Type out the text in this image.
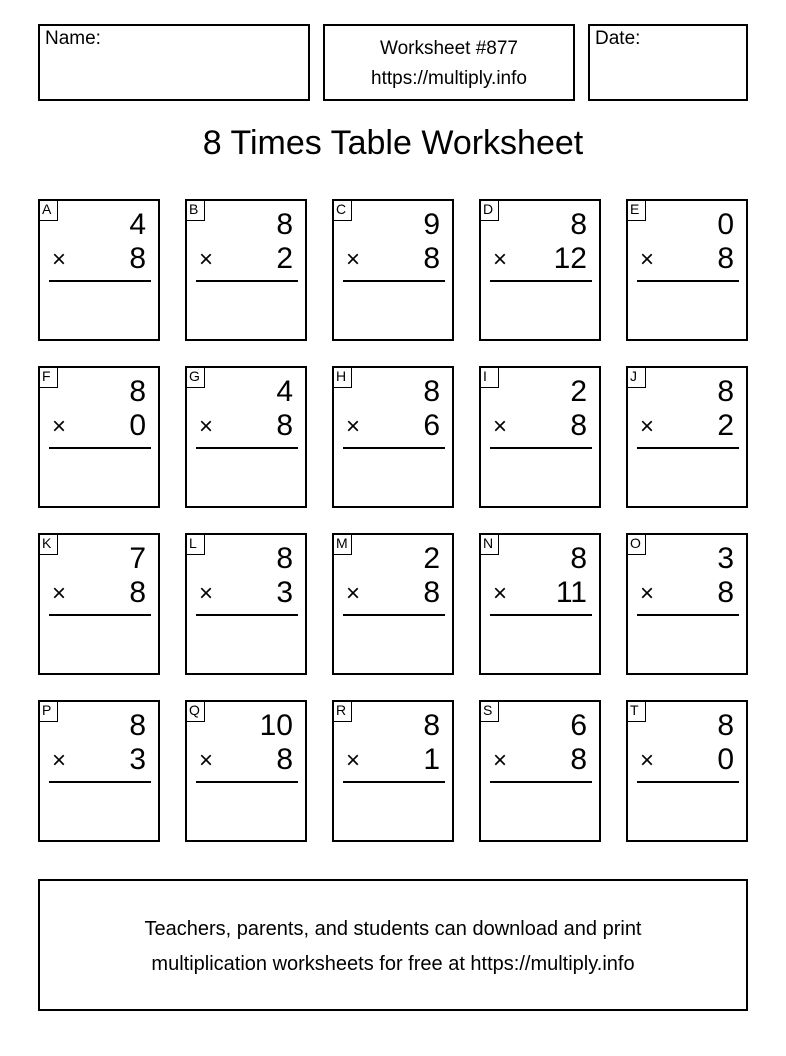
Name:	Worksheet #877
https://multiply.info
Date:
8 Times Table Worksheet
A	4
× 8
B	8
× 2
C	9
× 8
D	8
× 12
E	0
× 8
F	8
× 0
G	4
× 8
H	8
× 6
I	2
× 8
J	8
× 2
K	7
× 8
L	8
× 3
M	2
× 8
N	8
× 11
O	3
× 8
P	8
× 3
Q 10
× 8
R	8
× 1
S	6
× 8
T	8
× 0
Teachers, parents, and students can download and print
multiplication worksheets for free at https://multiply.info
